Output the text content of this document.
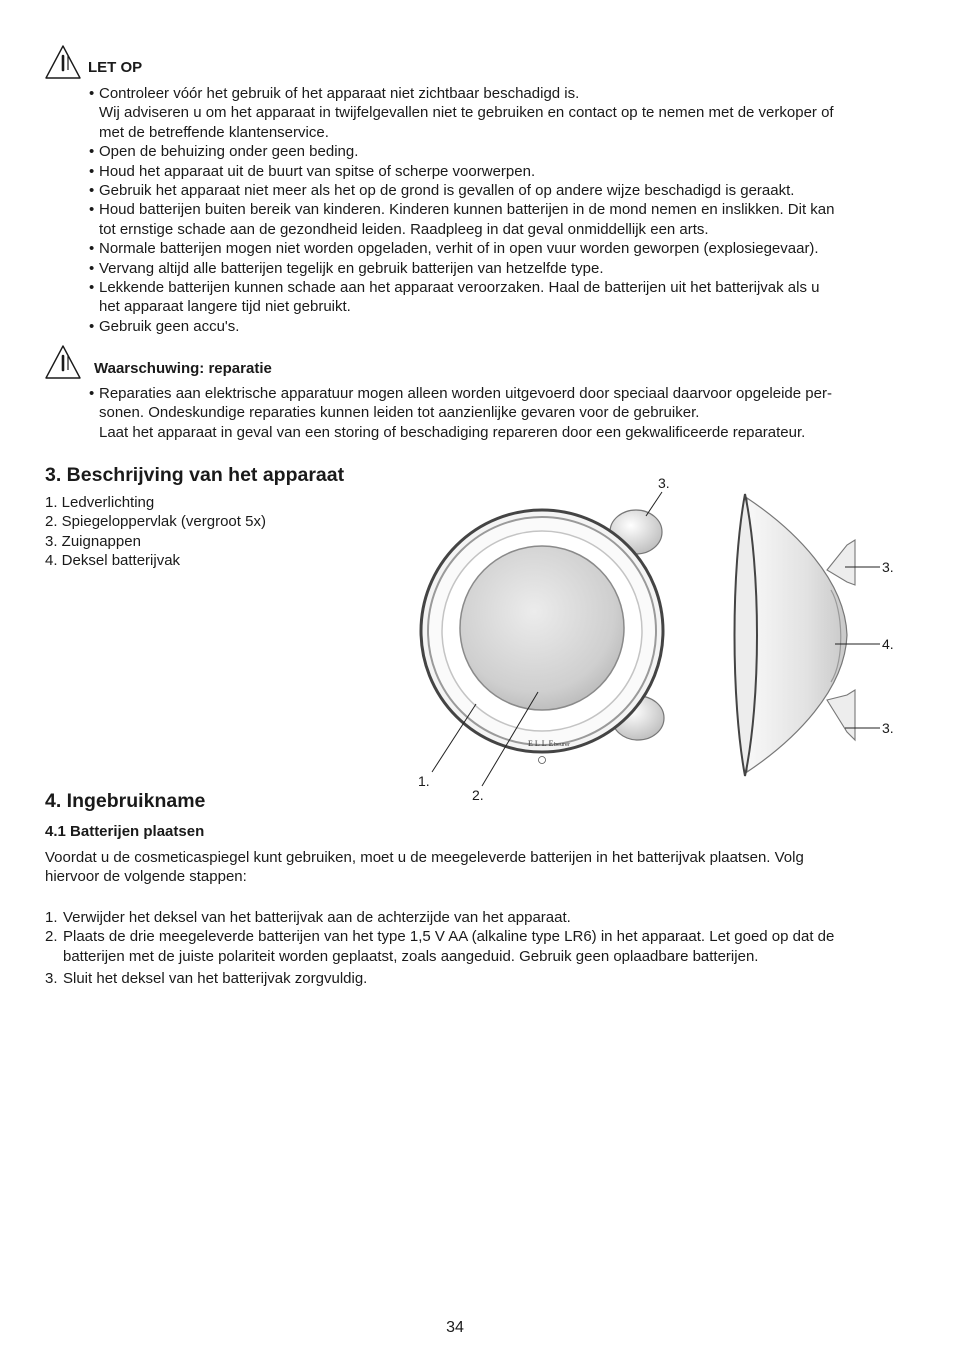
LET OP
• Controleer vóór het gebruik of het apparaat niet zichtbaar beschadigd is.
Wij adviseren u om het apparaat in twijfelgevallen niet te gebruiken en contact op te nemen met de verkoper of
met de betreffende klantenservice.
• Open de behuizing onder geen beding.
• Houd het apparaat uit de buurt van spitse of scherpe voorwerpen.
• Gebruik het apparaat niet meer als het op de grond is gevallen of op andere wijze beschadigd is geraakt.
• Houd batterijen buiten bereik van kinderen. Kinderen kunnen batterijen in de mond nemen en inslikken. Dit kan
tot ernstige schade aan de gezondheid leiden. Raadpleeg in dat geval onmiddellijk een arts.
• Normale batterijen mogen niet worden opgeladen, verhit of in open vuur worden geworpen (explosiegevaar).
• Vervang altijd alle batterijen tegelijk en gebruik batterijen van hetzelfde type.
• Lekkende batterijen kunnen schade aan het apparaat veroorzaken. Haal de batterijen uit het batterijvak als u
het apparaat langere tijd niet gebruikt.
• Gebruik geen accu's.
Waarschuwing: reparatie
• Reparaties aan elektrische apparatuur mogen alleen worden uitgevoerd door speciaal daarvoor opgeleide per-
sonen. Ondeskundige reparaties kunnen leiden tot aanzienlijke gevaren voor de gebruiker.
Laat het apparaat in geval van een storing of beschadiging repareren door een gekwalificeerde reparateur.
3. Beschrijving van het apparaat
1. Ledverlichting
2. Spiegeloppervlak (vergroot 5x)
3. Zuignappen
4. Deksel batterijvak
ELLE
beurer
3.
1.
2.
3.
4.
3.
4. Ingebruikname
4.1 Batterijen plaatsen

Voordat u de cosmeticaspiegel kunt gebruiken, moet u de meegeleverde batterijen in het batterijvak plaatsen. Volg
hiervoor de volgende stappen:

1. Verwijder het deksel van het batterijvak aan de achterzijde van het apparaat.
2. Plaats de drie meegeleverde batterijen van het type 1,5 V AA (alkaline type LR6) in het apparaat. Let goed op dat de
batterijen met de juiste polariteit worden geplaatst, zoals aangeduid. Gebruik geen oplaadbare batterijen.
3. Sluit het deksel van het batterijvak zorgvuldig.
34
